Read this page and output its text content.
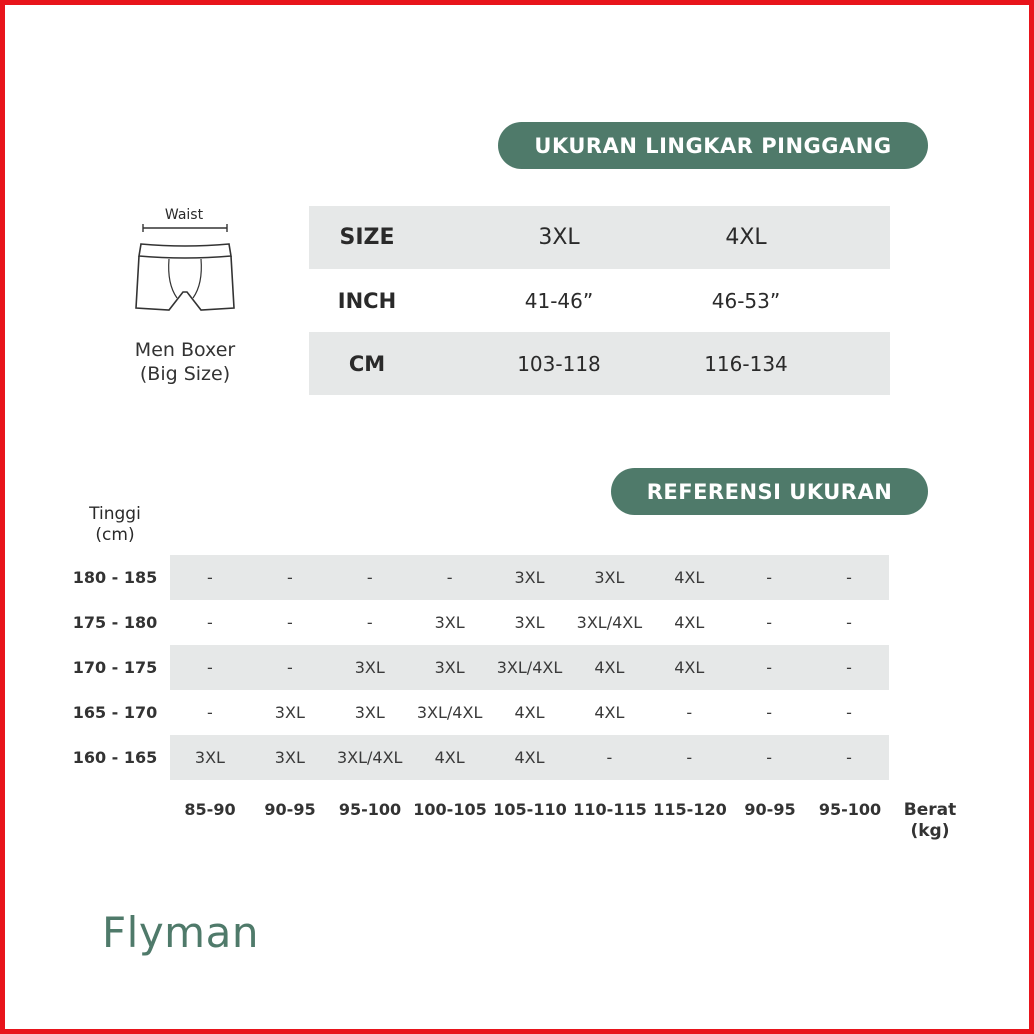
UKURAN LINGKAR PINGGANG
Waist
Men Boxer
(Big Size)
SIZE	3XL	4XL
INCH	41-46”	46-53”
CM	103-118	116-134
REFERENSI UKURAN
Tinggi
(cm)
180 - 185	-	-	-	-	3XL	3XL	4XL	-	-
175 - 180	-	-	-	3XL	3XL	3XL/4XL	4XL	-	-
170 - 175	-	-	3XL	3XL	3XL/4XL	4XL	4XL	-	-
165 - 170	-	3XL	3XL	3XL/4XL	4XL	4XL	-	-	-
160 - 165	3XL	3XL	3XL/4XL	4XL	4XL	-	-	-	-
85-90	90-95	95-100 100-105 105-110 110-115 115-120	90-95	95-100	Berat
(kg)
Flyman
